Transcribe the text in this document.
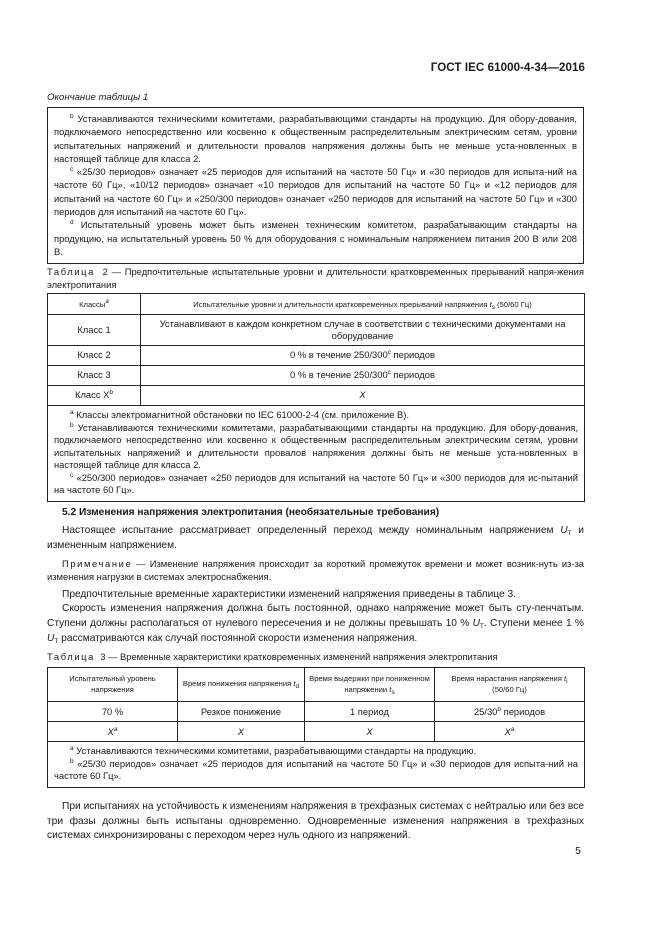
ГОСТ IEC 61000-4-34—2016
Окончание таблицы 1

$^b$ Устанавливаются техническими комитетами, разрабатывающими стандарты на продукцию. Для обору-дования, подключаемого непосредственно или косвенно к общественным распределительным электрическим сетям, уровни испытательных напряжений и длительности провалов напряжения должны быть не меньше уста-новленных в настоящей таблице для класса 2.

$^c$ «25/30 периодов» означает «25 периодов для испытаний на частоте 50 Гц» и «30 периодов для испыта-ний на частоте 60 Гц», «10/12 периодов» означает «10 периодов для испытаний на частоте 50 Гц» и «12 периодов для испытаний на частоте 60 Гц» и «250/300 периодов» означает «250 периодов для испытаний на частоте 50 Гц» и «300 периодов для испытаний на частоте 60 Гц».

$^d$ Испытательный уровень может быть изменен техническим комитетом, разрабатывающим стандарты на продукцию, на испытательный уровень 50 % для оборудования с номинальным напряжением питания 200 В или 208 В.

Таблица 2 — Предпочтительные испытательные уровни и длительности кратковременных прерываний напря-жения электропитания
Классы$^a$	Испытательные уровни и длительности кратковременных прерываний напряжения $t_s$ (50/60 Гц)
Класс 1	Устанавливают в каждом конкретном случае в соответствии с техническими документами на оборудование
Класс 2	0 % в течение 250/300$^c$ периодов
Класс 3	0 % в течение 250/300$^c$ периодов
Класс $X^b$	X

$^a$ Классы электромагнитной обстановки по IEC 61000-2-4 (см. приложение В).

$^b$ Устанавливаются техническими комитетами, разрабатывающими стандарты на продукцию. Для обору-дования, подключаемого непосредственно или косвенно к общественным распределительным электрическим сетям, уровни испытательных напряжений и длительности провалов напряжения должны быть не меньше уста-новленных в настоящей таблице для класса 2.

$^c$ «250/300 периодов» означает «250 периодов для испытаний на частоте 50 Гц» и «300 периодов для ис-пытаний на частоте 60 Гц».	

5.2 Изменения напряжения электропитания (необязательные требования)

Настоящее испытание рассматривает определенный переход между номинальным напряжением $U_T$ и измененным напряжением.

Примечание — Изменение напряжения происходит за короткий промежуток времени и может возник-нуть из-за изменения нагрузки в системах электроснабжения.

Предпочтительные временные характеристики изменений напряжения приведены в таблице 3.

Скорость изменения напряжения должна быть постоянной, однако напряжение может быть сту-пенчатым. Ступени должны располагаться от нулевого пересечения и не должны превышать 10 % $U_T$. Ступени менее 1 % $U_T$ рассматриваются как случай постоянной скорости изменения напряжения.

Таблица 3 — Временные характеристики кратковременных изменений напряжения электропитания
Испытательный уровень напряжения	Время понижения напряжения $t_d$	Время выдержки при пониженном напряжении $t_s$	Время нарастания напряжения $t_i$
(50/60 Гц)
70 %	Резкое понижение	1 период	25/30$^b$ периодов
$X^a$	X	X	$X^a$

$^a$ Устанавливаются техническими комитетами, разрабатывающими стандарты на продукцию.

$^b$ «25/30 периодов» означает «25 периодов для испытаний на частоте 50 Гц» и «30 периодов для испыта-ний на частоте 60 Гц».			

При испытаниях на устойчивость к изменениям напряжения в трехфазных системах с нейтралью или без все три фазы должны быть испытаны одновременно. Одновременные изменения напряжения в трехфазных системах синхронизированы с переходом через нуль одного из напряжений.

5
